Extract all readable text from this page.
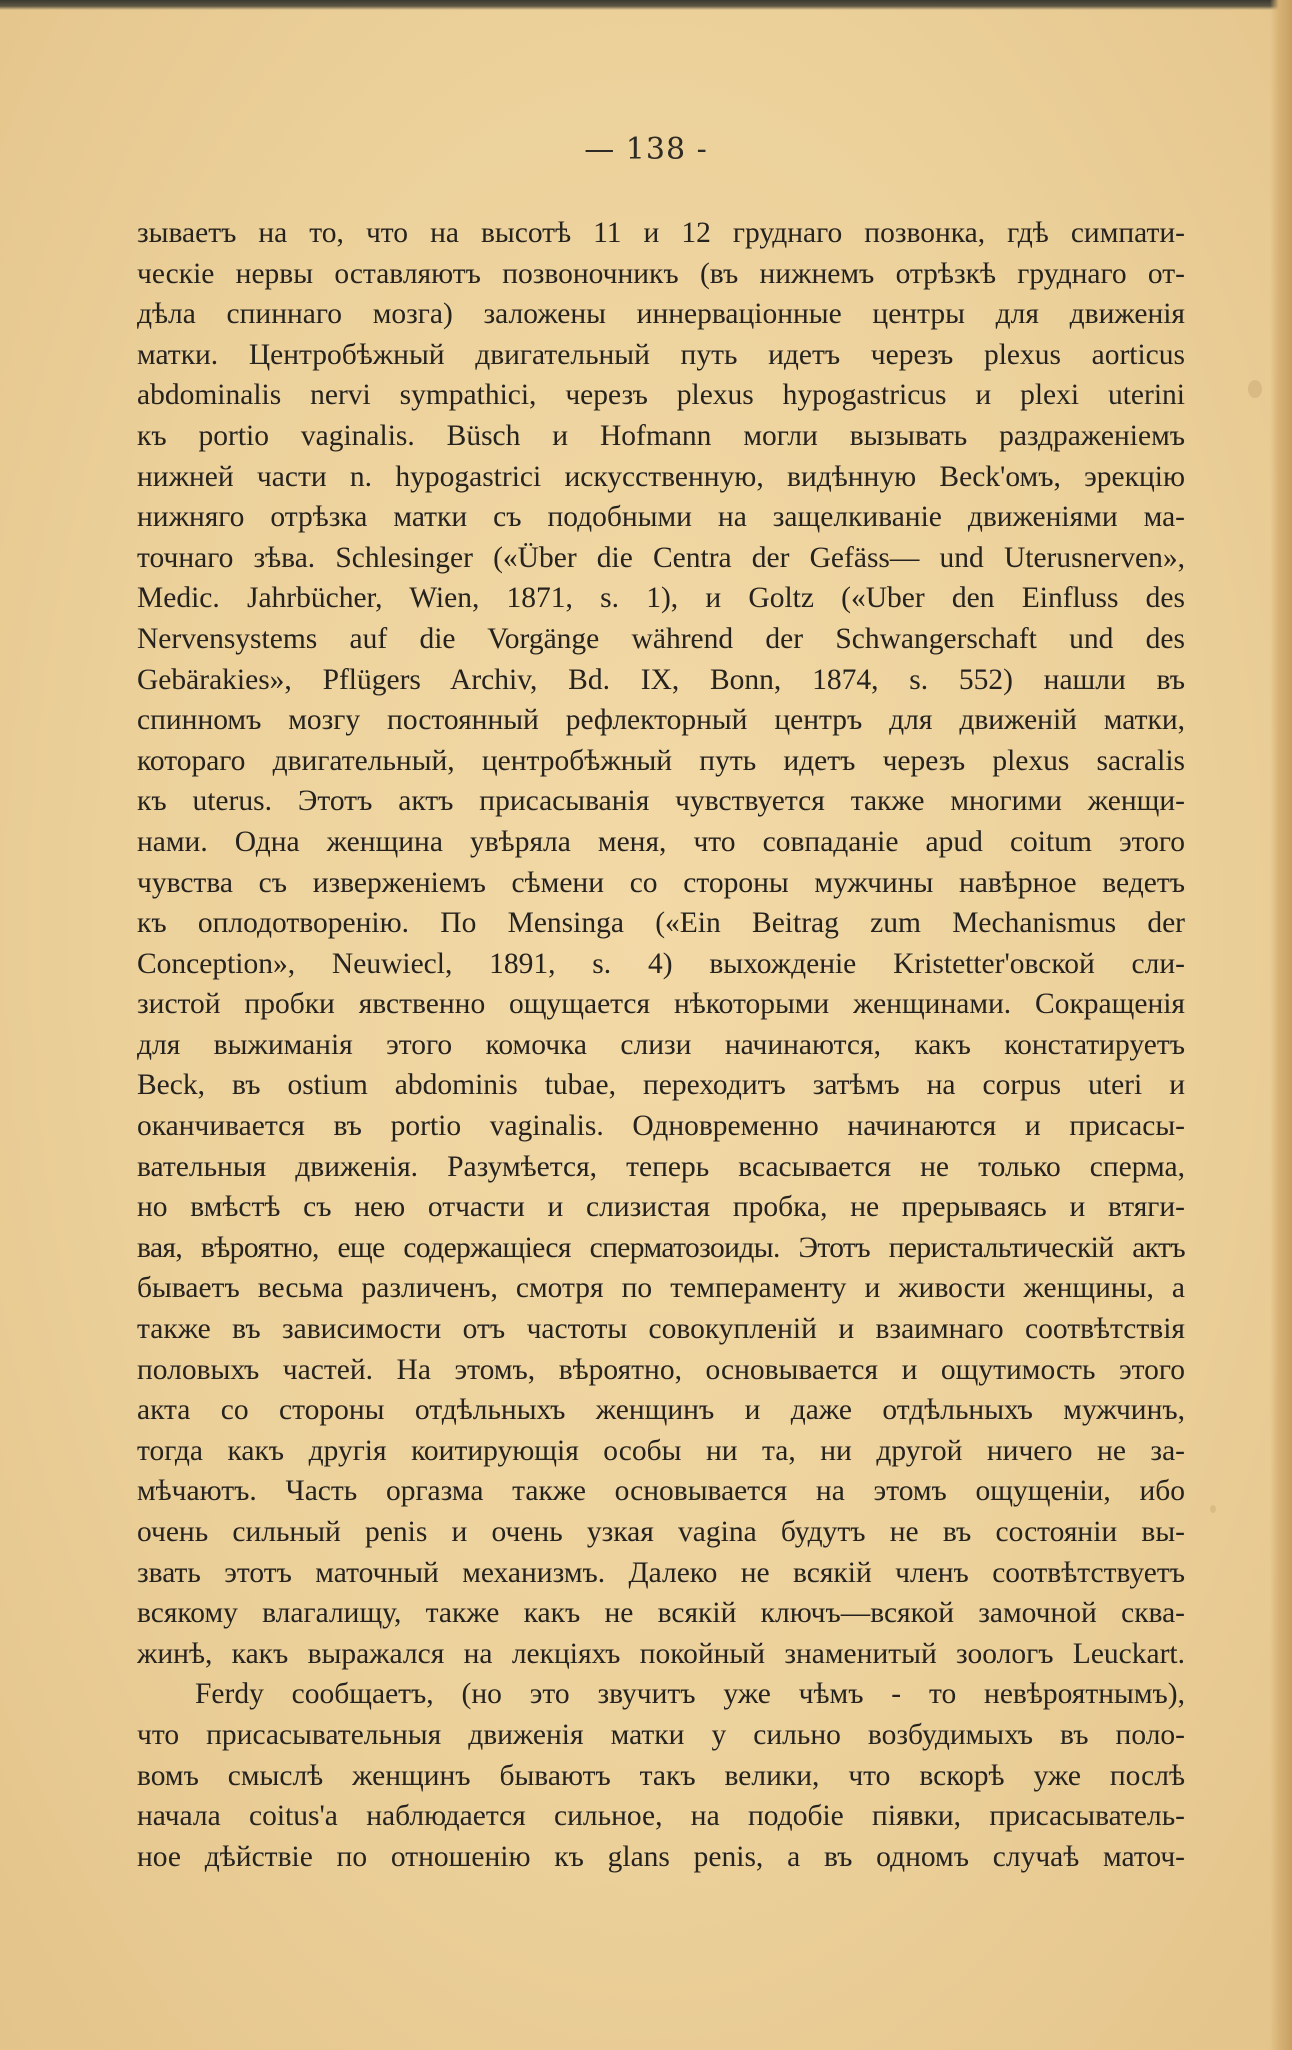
— 138 -
зываетъ на то, что на высотѣ 11 и 12 груднаго позвонка, гдѣ симпати-
ческіе нервы оставляютъ позвоночникъ (въ нижнемъ отрѣзкѣ груднаго от-
дѣла спиннаго мозга) заложены иннерваціонные центры для движенія
матки. Центробѣжный двигательный путь идетъ черезъ plexus aorticus
abdominalis nervi sympathici, черезъ plexus hypogastricus и plexi uterini
къ portio vaginalis. Büsch и Hofmann могли вызывать раздраженіемъ
нижней части n. hypogastrici искусственную, видѣнную Beck'омъ, эрекцію
нижняго отрѣзка матки съ подобными на защелкиваніе движеніями ма-
точнаго зѣва. Schlesinger («Über die Centra der Gefäss— und Uterusnerven»,
Medic. Jahrbücher, Wien, 1871, s. 1), и Goltz («Uber den Einfluss des
Nervensystems auf die Vorgänge während der Schwangerschaft und des
Gebärakies», Pflügers Archiv, Bd. IX, Bonn, 1874, s. 552) нашли въ
спинномъ мозгу постоянный рефлекторный центръ для движеній матки,
котораго двигательный, центробѣжный путь идетъ черезъ plexus sacralis
къ uterus. Этотъ актъ присасыванія чувствуется также многими женщи-
нами. Одна женщина увѣряла меня, что совпаданіе apud coitum этого
чувства съ изверженіемъ сѣмени со стороны мужчины навѣрное ведетъ
къ оплодотворенію. По Mensinga («Ein Beitrag zum Mechanismus der
Conception», Neuwiecl, 1891, s. 4) выхожденіе Kristetter'овской сли-
зистой пробки явственно ощущается нѣкоторыми женщинами. Сокращенія
для выжиманія этого комочка слизи начинаются, какъ констатируетъ
Beck, въ ostium abdominis tubae, переходитъ затѣмъ на corpus uteri и
оканчивается въ portio vaginalis. Одновременно начинаются и присасы-
вательныя движенія. Разумѣется, теперь всасывается не только сперма,
но вмѣстѣ съ нею отчасти и слизистая пробка, не прерываясь и втяги-
вая, вѣроятно, еще содержащіеся сперматозоиды. Этотъ перистальтическій актъ
бываетъ весьма различенъ, смотря по темпераменту и живости женщины, а
также въ зависимости отъ частоты совокупленій и взаимнаго соотвѣтствія
половыхъ частей. На этомъ, вѣроятно, основывается и ощутимость этого
акта со стороны отдѣльныхъ женщинъ и даже отдѣльныхъ мужчинъ,
тогда какъ другія коитирующія особы ни та, ни другой ничего не за-
мѣчаютъ. Часть оргазма также основывается на этомъ ощущеніи, ибо
очень сильный penis и очень узкая vagina будутъ не въ состояніи вы-
звать этотъ маточный механизмъ. Далеко не всякій членъ соотвѣтствуетъ
всякому влагалищу, также какъ не всякій ключъ—всякой замочной сква-
жинѣ, какъ выражался на лекціяхъ покойный знаменитый зоологъ Leuckart.
Ferdy сообщаетъ, (но это звучитъ уже чѣмъ - то невѣроятнымъ),
что присасывательныя движенія матки у сильно возбудимыхъ въ поло-
вомъ смыслѣ женщинъ бываютъ такъ велики, что вскорѣ уже послѣ
начала coitus'a наблюдается сильное, на подобіе піявки, присасыватель-
ное дѣйствіе по отношенію къ glans penis, а въ одномъ случаѣ маточ-
